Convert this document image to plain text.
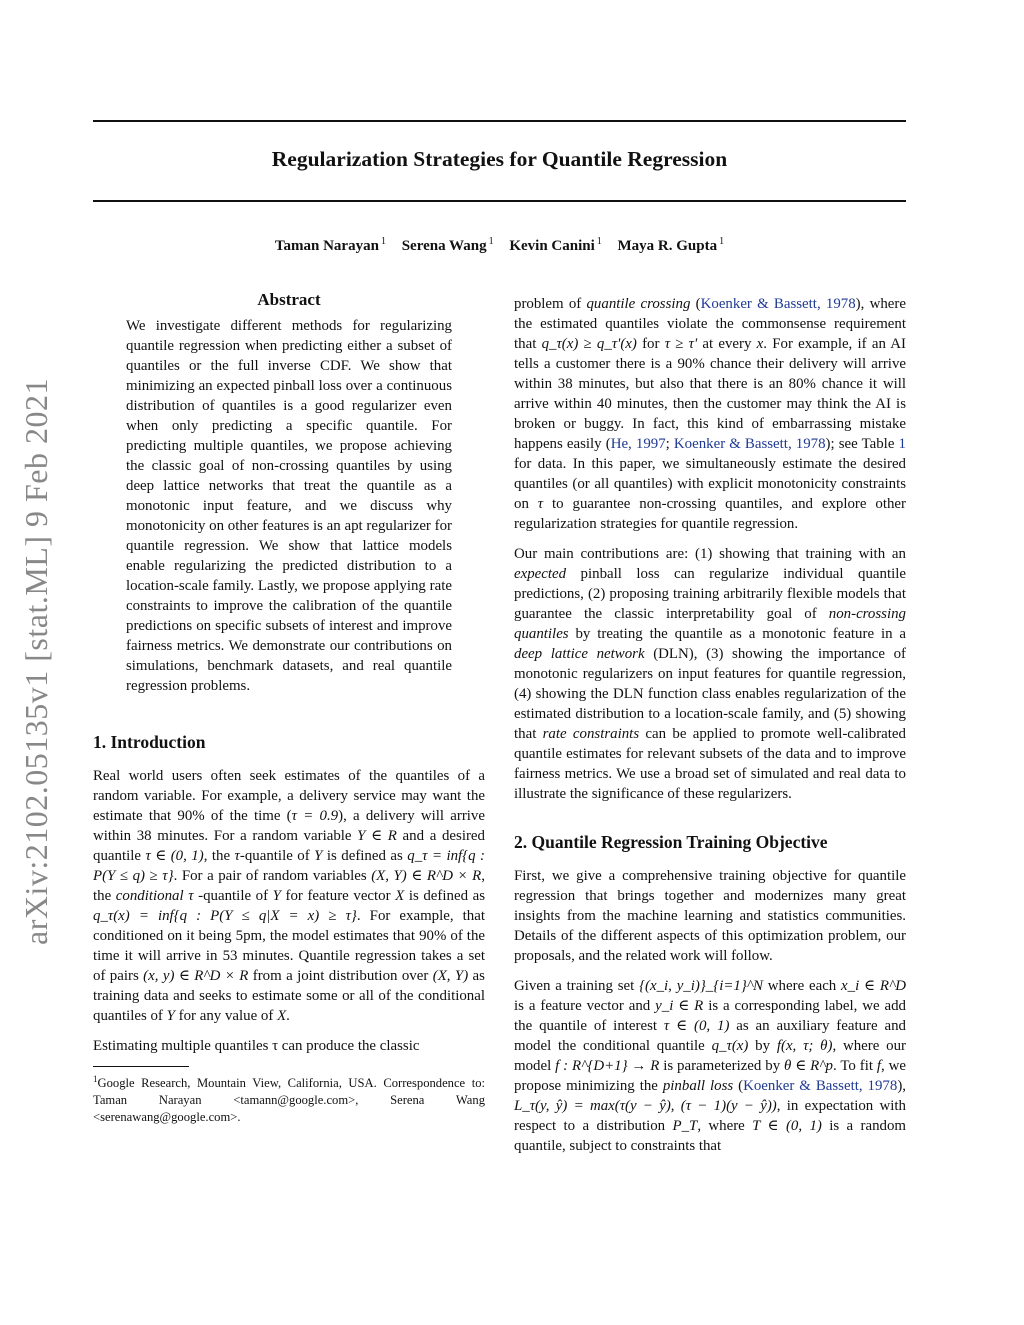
Regularization Strategies for Quantile Regression
Taman Narayan $^1$ Serena Wang $^1$ Kevin Canini $^1$ Maya R. Gupta $^1$
arXiv:2102.05135v1 [stat.ML] 9 Feb 2021
Abstract

We investigate different methods for regularizing quantile regression when predicting either a subset of quantiles or the full inverse CDF. We show that minimizing an expected pinball loss over a continuous distribution of quantiles is a good regularizer even when only predicting a specific quantile. For predicting multiple quantiles, we propose achieving the classic goal of non-crossing quantiles by using deep lattice networks that treat the quantile as a monotonic input feature, and we discuss why monotonicity on other features is an apt regularizer for quantile regression. We show that lattice models enable regularizing the predicted distribution to a location-scale family. Lastly, we propose applying rate constraints to improve the calibration of the quantile predictions on specific subsets of interest and improve fairness metrics. We demonstrate our contributions on simulations, benchmark datasets, and real quantile regression problems.

1. Introduction

Real world users often seek estimates of the quantiles of a random variable. For example, a delivery service may want the estimate that 90% of the time (τ = 0.9), a delivery will arrive within 38 minutes. For a random variable Y ∈ R and a desired quantile τ ∈ (0, 1), the τ-quantile of Y is defined as q_τ = inf{q : P(Y ≤ q) ≥ τ}. For a pair of random variables (X, Y) ∈ R^D × R, the conditional τ -quantile of Y for feature vector X is defined as q_τ(x) = inf{q : P(Y ≤ q|X = x) ≥ τ}. For example, that conditioned on it being 5pm, the model estimates that 90% of the time it will arrive in 53 minutes. Quantile regression takes a set of pairs (x, y) ∈ R^D × R from a joint distribution over (X, Y) as training data and seeks to estimate some or all of the conditional quantiles of Y for any value of X.

Estimating multiple quantiles τ can produce the classic

$^1$Google Research, Mountain View, California, USA. Correspondence to: Taman Narayan <tamann@google.com>, Serena Wang <serenawang@google.com>.

problem of quantile crossing (Koenker & Bassett, 1978), where the estimated quantiles violate the commonsense requirement that q_τ(x) ≥ q_τ'(x) for τ ≥ τ' at every x. For example, if an AI tells a customer there is a 90% chance their delivery will arrive within 38 minutes, but also that there is an 80% chance it will arrive within 40 minutes, then the customer may think the AI is broken or buggy. In fact, this kind of embarrassing mistake happens easily (He, 1997; Koenker & Bassett, 1978); see Table 1 for data. In this paper, we simultaneously estimate the desired quantiles (or all quantiles) with explicit monotonicity constraints on τ to guarantee non-crossing quantiles, and explore other regularization strategies for quantile regression.

Our main contributions are: (1) showing that training with an expected pinball loss can regularize individual quantile predictions, (2) proposing training arbitrarily flexible models that guarantee the classic interpretability goal of non-crossing quantiles by treating the quantile as a monotonic feature in a deep lattice network (DLN), (3) showing the importance of monotonic regularizers on input features for quantile regression, (4) showing the DLN function class enables regularization of the estimated distribution to a location-scale family, and (5) showing that rate constraints can be applied to promote well-calibrated quantile estimates for relevant subsets of the data and to improve fairness metrics. We use a broad set of simulated and real data to illustrate the significance of these regularizers.

2. Quantile Regression Training Objective

First, we give a comprehensive training objective for quantile regression that brings together and modernizes many great insights from the machine learning and statistics communities. Details of the different aspects of this optimization problem, our proposals, and the related work will follow.

Given a training set {(x_i, y_i)}_{i=1}^N where each x_i ∈ R^D is a feature vector and y_i ∈ R is a corresponding label, we add the quantile of interest τ ∈ (0, 1) as an auxiliary feature and model the conditional quantile q_τ(x) by f(x, τ; θ), where our model f : R^{D+1} → R is parameterized by θ ∈ R^p. To fit f, we propose minimizing the pinball loss (Koenker & Bassett, 1978), L_τ(y, ŷ) = max(τ(y − ŷ), (τ − 1)(y − ŷ)), in expectation with respect to a distribution P_T, where T ∈ (0, 1) is a random quantile, subject to constraints that
